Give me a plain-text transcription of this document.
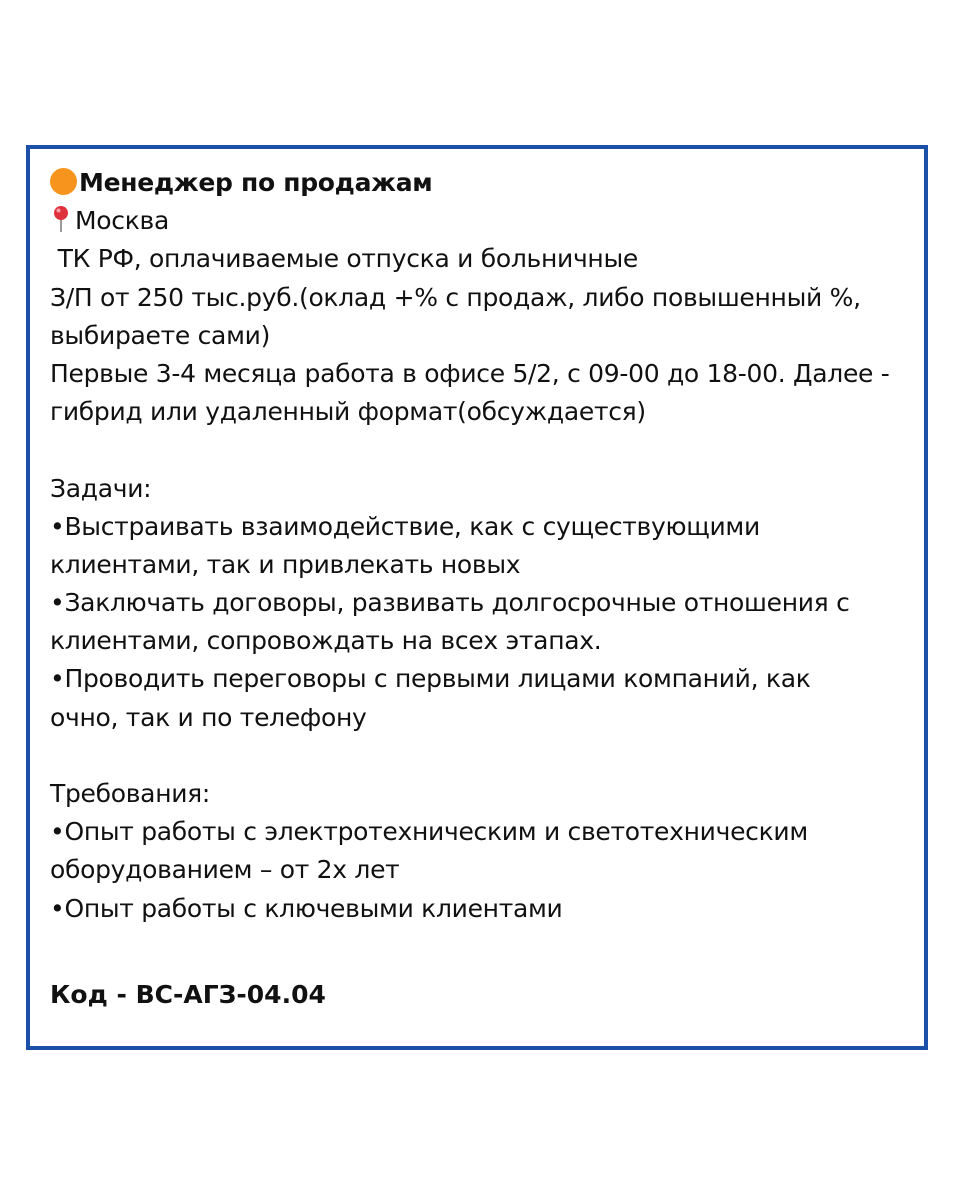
Менеджер по продажам
Москва
ТК РФ, оплачиваемые отпуска и больничные
З/П от 250 тыс.руб.(оклад +% с продаж, либо повышенный %,
выбираете сами)
Первые 3-4 месяца работа в офисе 5/2, с 09-00 до 18-00. Далее -
гибрид или удаленный формат(обсуждается)
Задачи:
•Выстраивать взаимодействие, как с существующими
клиентами, так и привлекать новых
•Заключать договоры, развивать долгосрочные отношения с
клиентами, сопровождать на всех этапах.
•Проводить переговоры с первыми лицами компаний, как
очно, так и по телефону
Требования:
•Опыт работы с электротехническим и светотехническим
оборудованием – от 2х лет
•Опыт работы с ключевыми клиентами
Код - ВС-АГЗ-04.04
